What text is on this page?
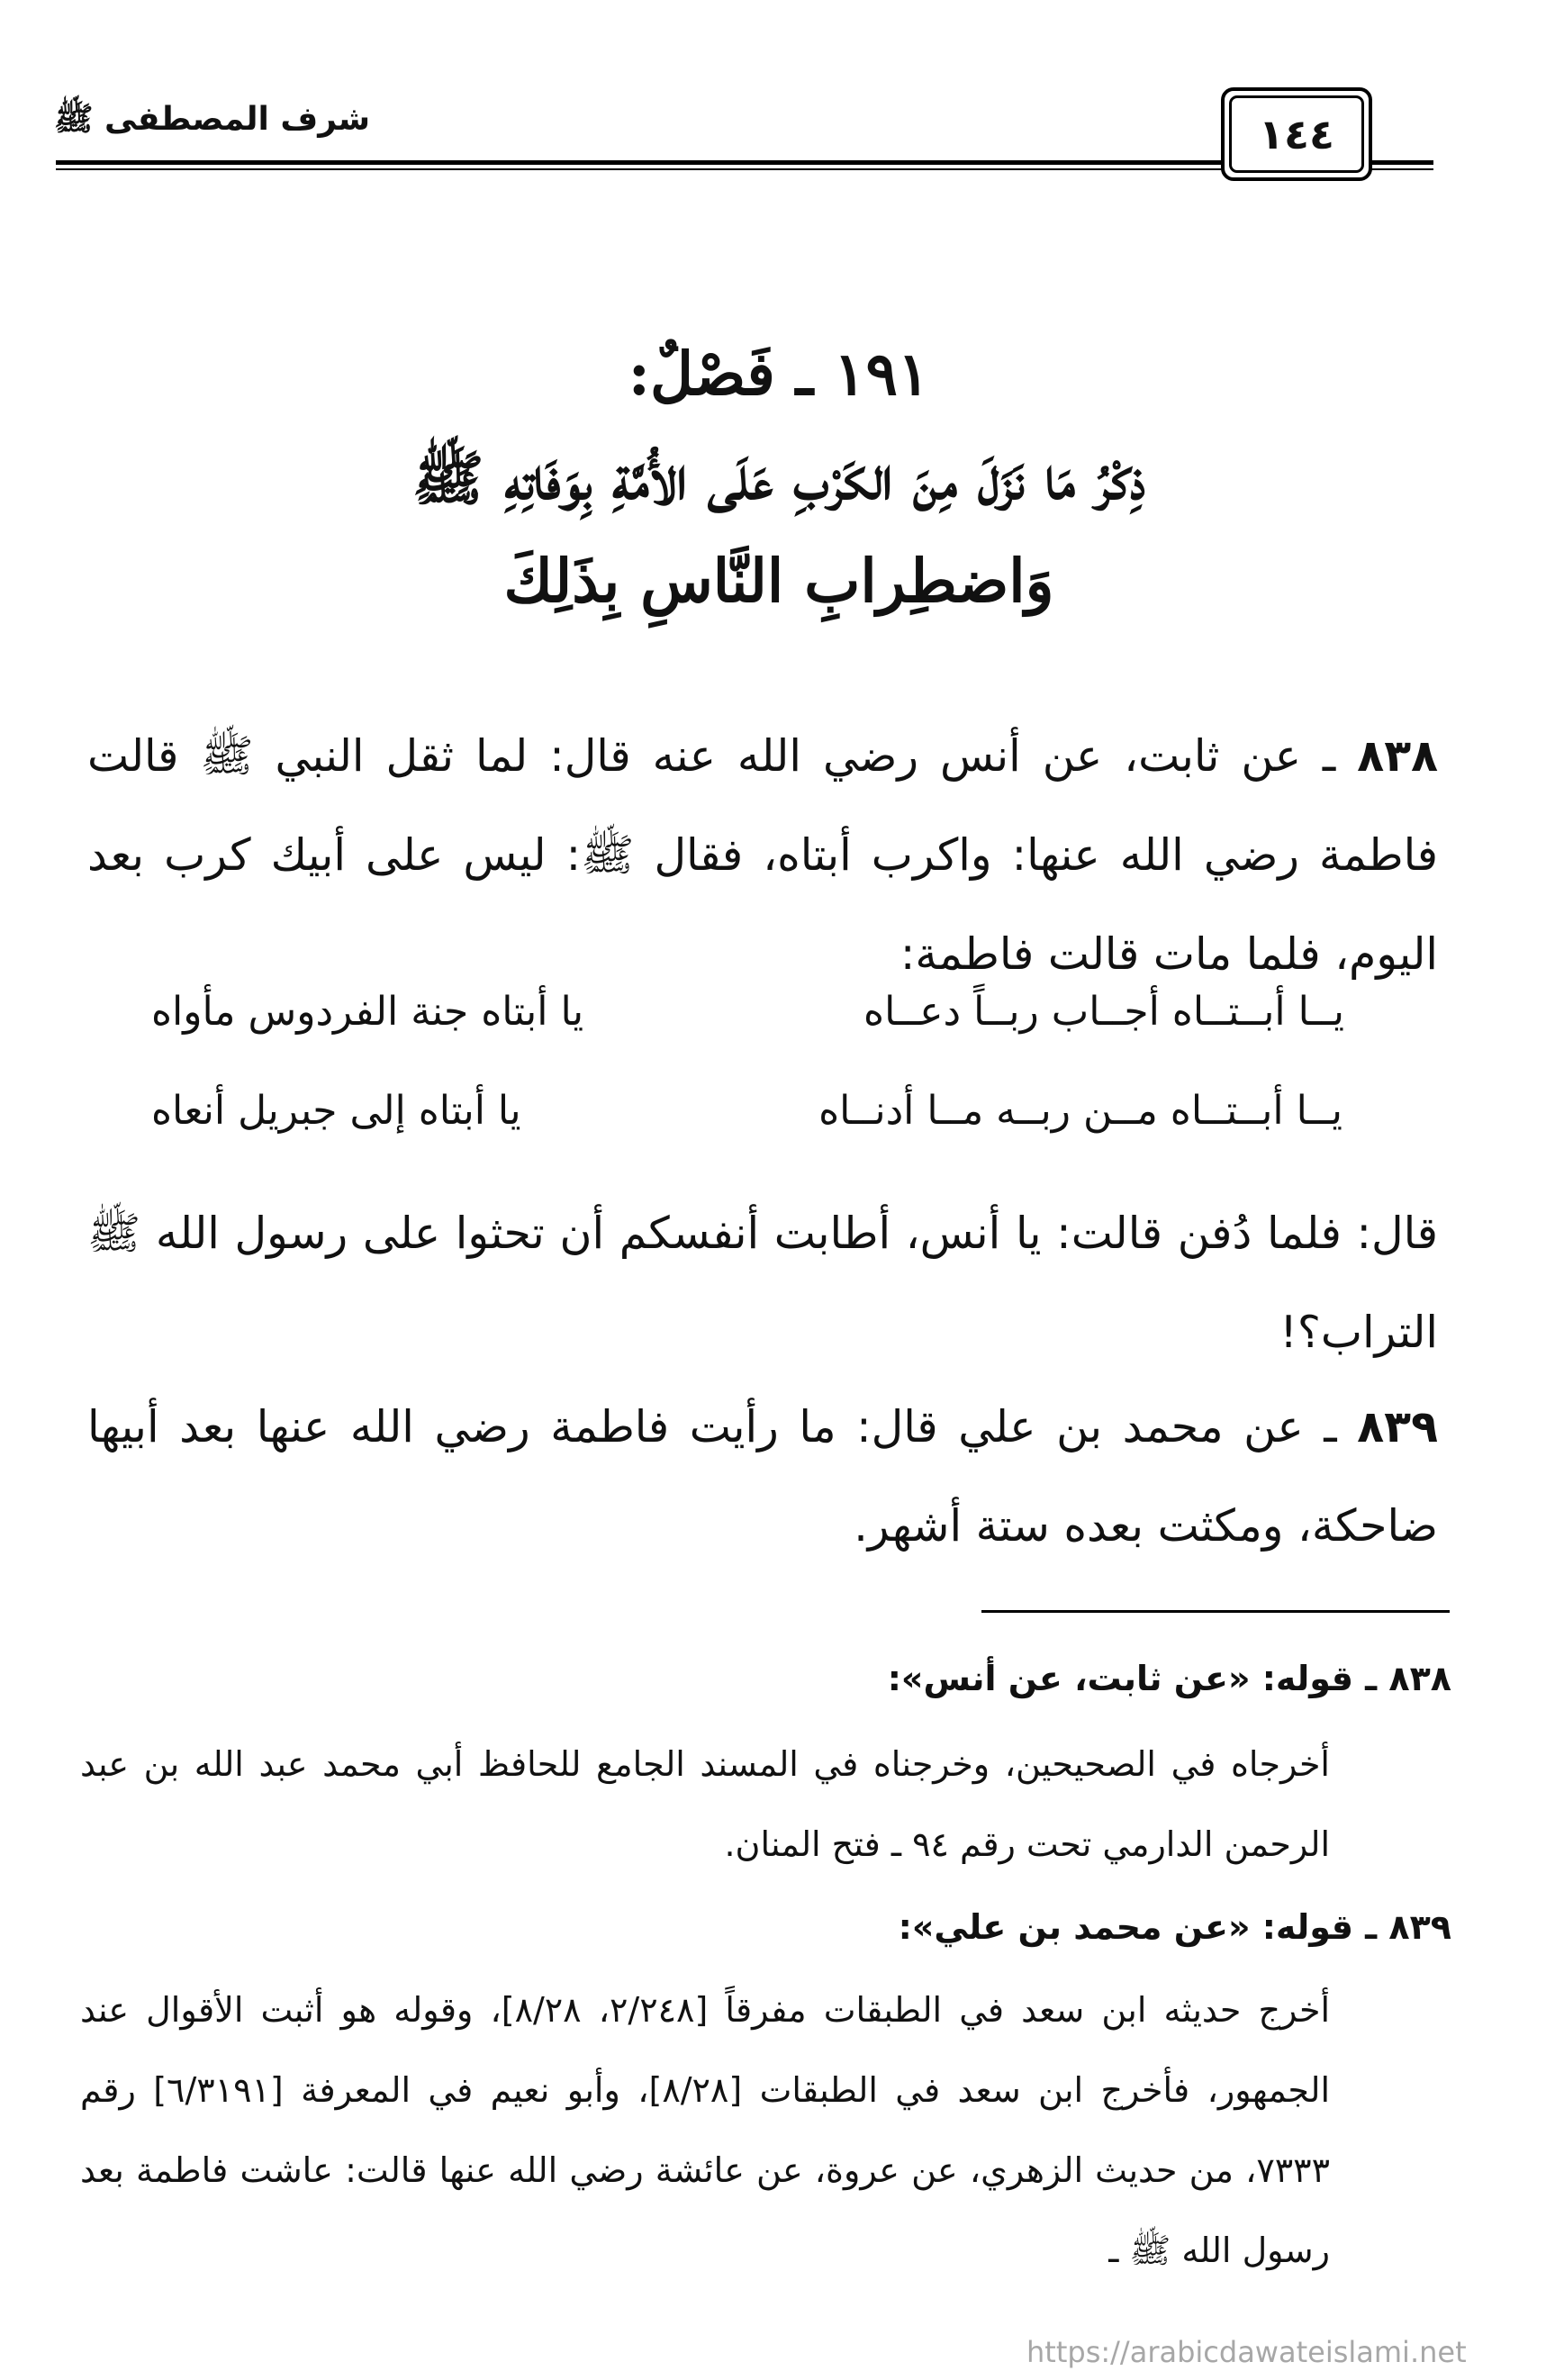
شرف المصطفى ﷺ	١٤٤
١٩١ ـ فَصْلٌ:
ذِكْرُ مَا نَزَلَ مِنَ الكَرْبِ عَلَى الأُمَّةِ بِوَفَاتِهِ ﷺ
وَاضطِرابِ النَّاسِ بِذَلِكَ
٨٣٨ ـ عن ثابت، عن أنس رضي الله عنه قال: لما ثقل النبي ﷺ قالت فاطمة رضي الله عنها: واكرب أبتاه، فقال ﷺ: ليس على أبيك كرب بعد اليوم، فلما مات قالت فاطمة:
يــا أبــتــاه أجــاب ربــاً دعــاه
يا أبتاه جنة الفردوس مأواه
يــا أبــتــاه مــن ربــه مــا أدنــاه
يا أبتاه إلى جبريل أنعاه
قال: فلما دُفن قالت: يا أنس، أطابت أنفسكم أن تحثوا على رسول الله ﷺ التراب؟!
٨٣٩ ـ عن محمد بن علي قال: ما رأيت فاطمة رضي الله عنها بعد أبيها ضاحكة، ومكثت بعده ستة أشهر.
٨٣٨ ـ قوله: «عن ثابت، عن أنس»:
أخرجاه في الصحيحين، وخرجناه في المسند الجامع للحافظ أبي محمد عبد الله بن عبد الرحمن الدارمي تحت رقم ٩٤ ـ فتح المنان.
٨٣٩ ـ قوله: «عن محمد بن علي»:
أخرج حديثه ابن سعد في الطبقات مفرقاً [٢/٢٤٨، ٨/٢٨]، وقوله هو أثبت الأقوال عند الجمهور، فأخرج ابن سعد في الطبقات [٨/٢٨]، وأبو نعيم في المعرفة [٦/٣١٩١] رقم ٧٣٣٣، من حديث الزهري، عن عروة، عن عائشة رضي الله عنها قالت: عاشت فاطمة بعد رسول الله ﷺ ـ
https://arabicdawateislami.net
